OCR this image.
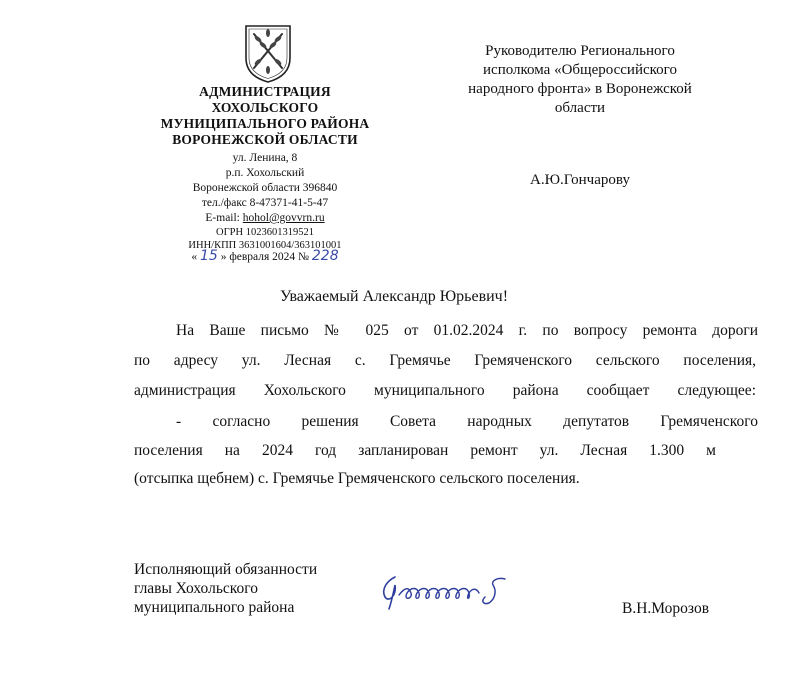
АДМИНИСТРАЦИЯ
ХОХОЛЬСКОГО
МУНИЦИПАЛЬНОГО РАЙОНА
ВОРОНЕЖСКОЙ ОБЛАСТИ
ул. Ленина, 8
р.п. Хохольский
Воронежской области 396840
тел./факс 8-47371-41-5-47
E-mail: hohol@govvrn.ru
ОГРН 1023601319521
ИНН/КПП 3631001604/363101001
« 15 » февраля 2024 № 228
Руководителю Регионального
исполкома «Общероссийского
народного фронта» в Воронежской
области
А.Ю.Гончарову
Уважаемый Александр Юрьевич!
На Ваше письмо № 025 от 01.02.2024 г. по вопросу ремонта дороги
по адресу ул. Лесная с. Гремячье Гремяченского сельского поселения,
администрация Хохольского муниципального района сообщает следующее:
- согласно решения Совета народных депутатов Гремяченского
поселения на 2024 год запланирован ремонт ул. Лесная 1.300 м
(отсыпка щебнем) с. Гремячье Гремяченского сельского поселения.
Исполняющий обязанности
главы Хохольского
муниципального района	В.Н.Морозов
